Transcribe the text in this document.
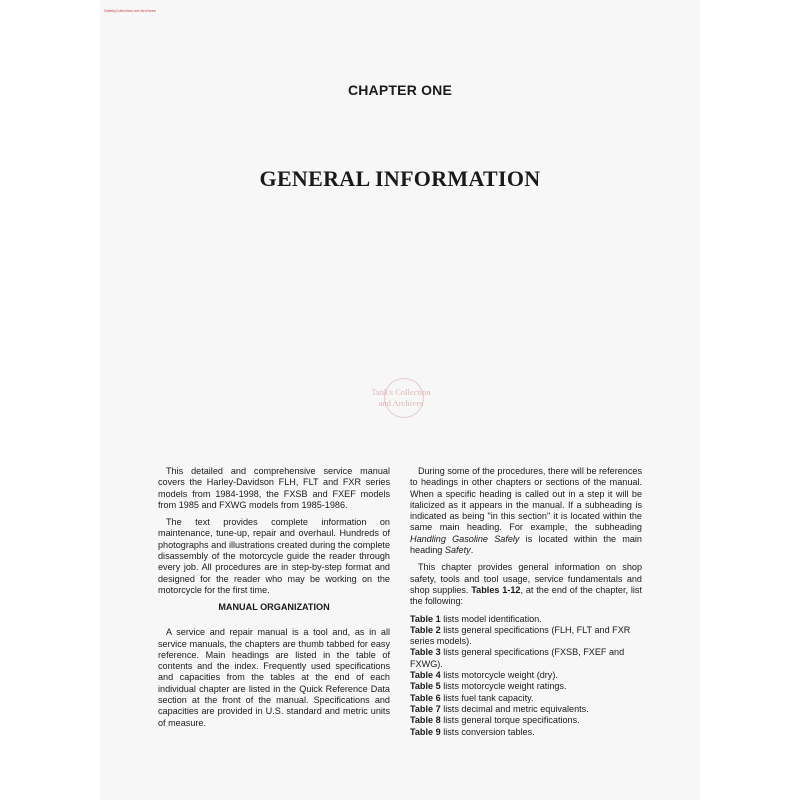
SafetyCollection.net Archives
CHAPTER ONE
GENERAL INFORMATION
Tank's Collection
and Archives

This detailed and comprehensive service manual covers the Harley-Davidson FLH, FLT and FXR series models from 1984-1998, the FXSB and FXEF models from 1985 and FXWG models from 1985-1986.

The text provides complete information on maintenance, tune-up, repair and overhaul. Hundreds of photographs and illustrations created during the complete disassembly of the motorcycle guide the reader through every job. All procedures are in step-by-step format and designed for the reader who may be working on the motorcycle for the first time.

MANUAL ORGANIZATION

A service and repair manual is a tool and, as in all service manuals, the chapters are thumb tabbed for easy reference. Main headings are listed in the table of contents and the index. Frequently used specifications and capacities from the tables at the end of each individual chapter are listed in the Quick Reference Data section at the front of the manual. Specifications and capacities are provided in U.S. standard and metric units of measure.

During some of the procedures, there will be references to headings in other chapters or sections of the manual. When a specific heading is called out in a step it will be italicized as it appears in the manual. If a subheading is indicated as being "in this section" it is located within the same main heading. For example, the subheading Handling Gasoline Safely is located within the main heading Safety.

This chapter provides general information on shop safety, tools and tool usage, service fundamentals and shop supplies. Tables 1-12, at the end of the chapter, list the following:

Table 1 lists model identification.
Table 2 lists general specifications (FLH, FLT and FXR series models).
Table 3 lists general specifications (FXSB, FXEF and FXWG).
Table 4 lists motorcycle weight (dry).
Table 5 lists motorcycle weight ratings.
Table 6 lists fuel tank capacity.
Table 7 lists decimal and metric equivalents.
Table 8 lists general torque specifications.
Table 9 lists conversion tables.
